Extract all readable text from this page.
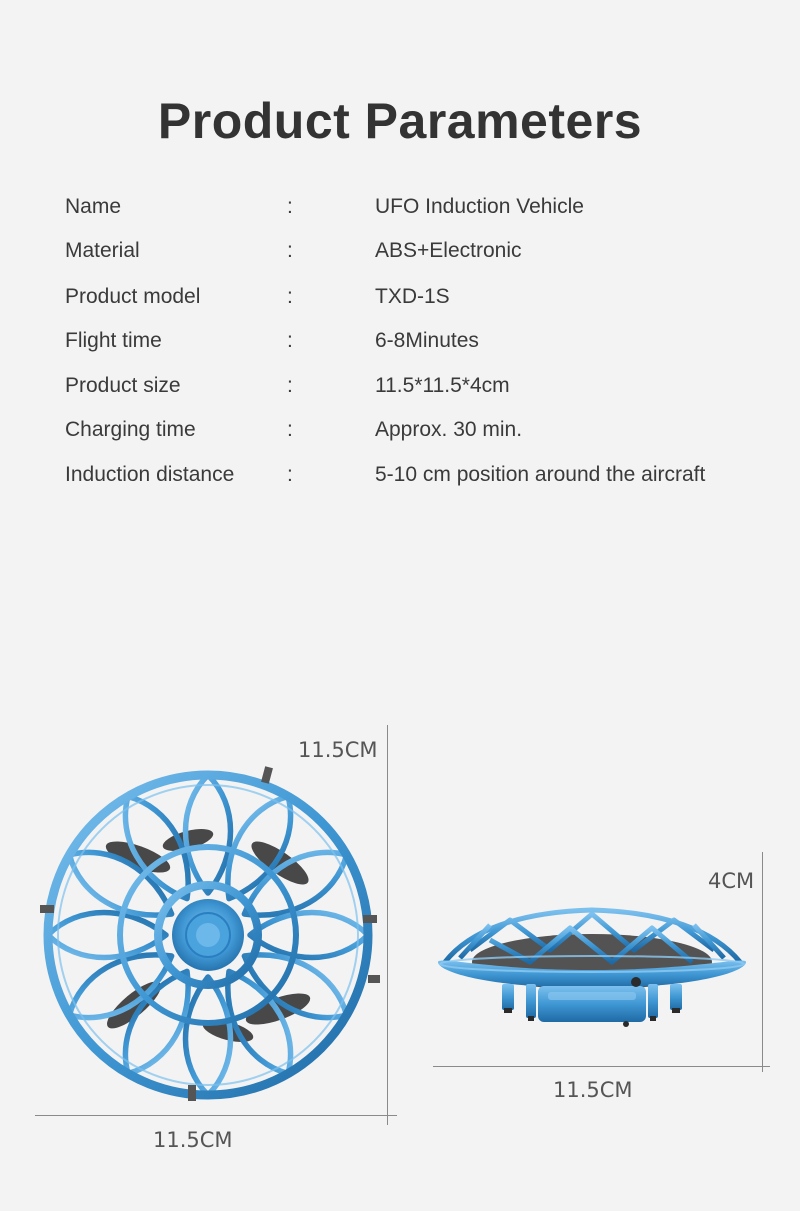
Product Parameters
Name	:	UFO Induction Vehicle
Material	:	ABS+Electronic
Product model	:	TXD-1S
Flight time	:	6-8Minutes
Product size	:	11.5*11.5*4cm
Charging time	:	Approx. 30 min.
Induction distance	:	5-10 cm position around the aircraft
11.5CM
11.5CM
4CM
11.5CM
